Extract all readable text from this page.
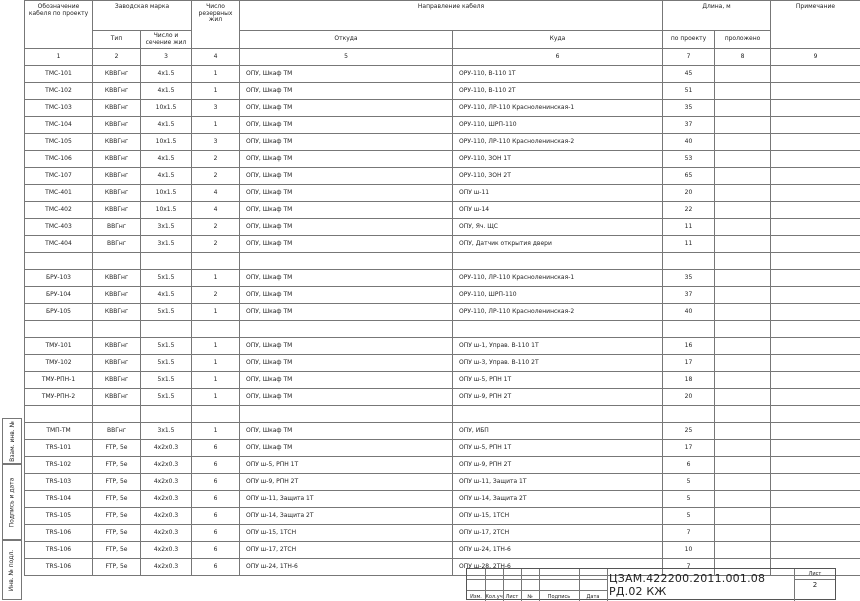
Взам. инв. №
Подпись и дата
Инв. № подл.
Обозначение кабеля по проекту	Заводская марка		Число резервных жил	Направление кабеля		Длина, м		Примечание
	Тип	Число и сечение жил		Откуда	Куда	по проекту	проложено	
1	2	3	4	5	6	7	8	9
ТМС-101	КВВГнг	4х1.5	1	ОПУ, Шкаф ТМ	ОРУ-110, В-110 1Т	45		
ТМС-102	КВВГнг	4х1.5	1	ОПУ, Шкаф ТМ	ОРУ-110, В-110 2Т	51		
ТМС-103	КВВГнг	10х1.5	3	ОПУ, Шкаф ТМ	ОРУ-110, ЛР-110 Красноленинская-1	35		
ТМС-104	КВВГнг	4х1.5	1	ОПУ, Шкаф ТМ	ОРУ-110, ШРП-110	37		
ТМС-105	КВВГнг	10х1.5	3	ОПУ, Шкаф ТМ	ОРУ-110, ЛР-110 Красноленинская-2	40		
ТМС-106	КВВГнг	4х1.5	2	ОПУ, Шкаф ТМ	ОРУ-110, ЗОН 1Т	53		
ТМС-107	КВВГнг	4х1.5	2	ОПУ, Шкаф ТМ	ОРУ-110, ЗОН 2Т	65		
ТМС-401	КВВГнг	10х1.5	4	ОПУ, Шкаф ТМ	ОПУ ш-11	20		
ТМС-402	КВВГнг	10х1.5	4	ОПУ, Шкаф ТМ	ОПУ ш-14	22		
ТМС-403	ВВГнг	3х1.5	2	ОПУ, Шкаф ТМ	ОПУ, Яч. ЩС	11		
ТМС-404	ВВГнг	3х1.5	2	ОПУ, Шкаф ТМ	ОПУ, Датчик открытия двери	11		

БРУ-103	КВВГнг	5х1.5	1	ОПУ, Шкаф ТМ	ОРУ-110, ЛР-110 Красноленинская-1	35		
БРУ-104	КВВГнг	4х1.5	2	ОПУ, Шкаф ТМ	ОРУ-110, ШРП-110	37		
БРУ-105	КВВГнг	5х1.5	1	ОПУ, Шкаф ТМ	ОРУ-110, ЛР-110 Красноленинская-2	40		

ТМУ-101	КВВГнг	5х1.5	1	ОПУ, Шкаф ТМ	ОПУ ш-1, Управ. В-110 1Т	16		
ТМУ-102	КВВГнг	5х1.5	1	ОПУ, Шкаф ТМ	ОПУ ш-3, Управ. В-110 2Т	17		
ТМУ-РПН-1	КВВГнг	5х1.5	1	ОПУ, Шкаф ТМ	ОПУ ш-5, РПН 1Т	18		
ТМУ-РПН-2	КВВГнг	5х1.5	1	ОПУ, Шкаф ТМ	ОПУ ш-9, РПН 2Т	20		

ТМП-ТМ	ВВГнг	3х1.5	1	ОПУ, Шкаф ТМ	ОПУ, ИБП	25		
TRS-101	FTP, 5e	4х2х0.3	6	ОПУ, Шкаф ТМ	ОПУ ш-5, РПН 1Т	17		
TRS-102	FTP, 5e	4х2х0.3	6	ОПУ ш-5, РПН 1Т	ОПУ ш-9, РПН 2Т	6		
TRS-103	FTP, 5e	4х2х0.3	6	ОПУ ш-9, РПН 2Т	ОПУ ш-11, Защита 1Т	5		
TRS-104	FTP, 5e	4х2х0.3	6	ОПУ ш-11, Защита 1Т	ОПУ ш-14, Защита 2Т	5		
TRS-105	FTP, 5e	4х2х0.3	6	ОПУ ш-14, Защита 2Т	ОПУ ш-15, 1ТСН	5		
TRS-106	FTP, 5e	4х2х0.3	6	ОПУ ш-15, 1ТСН	ОПУ ш-17, 2ТСН	7		
TRS-106	FTP, 5e	4х2х0.3	6	ОПУ ш-17, 2ТСН	ОПУ ш-24, 1ТН-6	10		
TRS-106	FTP, 5e	4х2х0.3	6	ОПУ ш-24, 1ТН-6	ОПУ ш-28, 2ТН-6	7		
Изм. Кол.уч Лист	№	Подпись	Дата
ЦЗАМ.422200.2011.001.08 РД.02 КЖ
Лист
2
